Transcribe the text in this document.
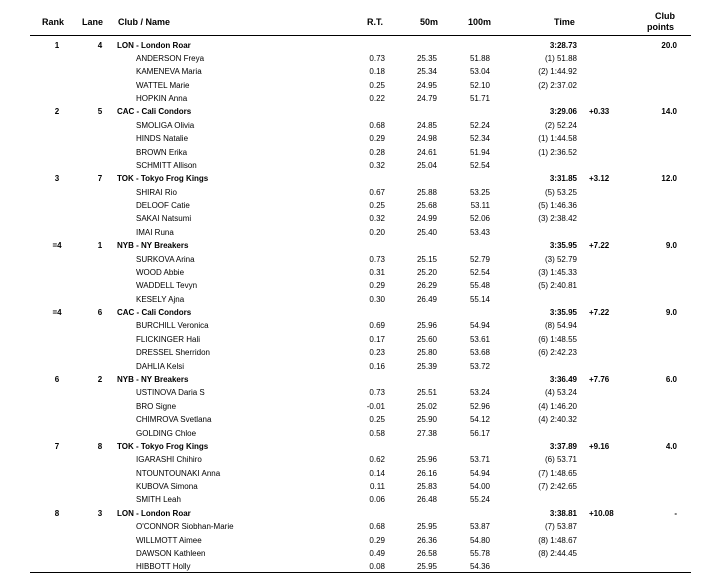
Rank Lane Club / Name	R.T.	50m	100m	Time
Club
points
1	4	LON - London Roar	3:28.73	20.0
ANDERSON Freya	0.73	25.35	51.88	(1) 51.88
KAMENEVA Maria	0.18	25.34	53.04	(2) 1:44.92
WATTEL Marie	0.25	24.95	52.10	(2) 2:37.02
HOPKIN Anna	0.22	24.79	51.71
2	5	CAC - Cali Condors	3:29.06 +0.33	14.0
SMOLIGA Olivia	0.68	24.85	52.24	(2) 52.24
HINDS Natalie	0.29	24.98	52.34	(1) 1:44.58
BROWN Erika	0.28	24.61	51.94	(1) 2:36.52
SCHMITT Allison	0.32	25.04	52.54
3	7	TOK - Tokyo Frog Kings	3:31.85 +3.12	12.0
SHIRAI Rio	0.67	25.88	53.25	(5) 53.25
DELOOF Catie	0.25	25.68	53.11	(5) 1:46.36
SAKAI Natsumi	0.32	24.99	52.06	(3) 2:38.42
IMAI Runa	0.20	25.40	53.43
=4	1	NYB - NY Breakers	3:35.95 +7.22	9.0
SURKOVA Arina	0.73	25.15	52.79	(3) 52.79
WOOD Abbie	0.31	25.20	52.54	(3) 1:45.33
WADDELL Tevyn	0.29	26.29	55.48	(5) 2:40.81
KESELY Ajna	0.30	26.49	55.14
=4	6	CAC - Cali Condors	3:35.95 +7.22	9.0
BURCHILL Veronica	0.69	25.96	54.94	(8) 54.94
FLICKINGER Hali	0.17	25.60	53.61	(6) 1:48.55
DRESSEL Sherridon	0.23	25.80	53.68	(6) 2:42.23
DAHLIA Kelsi	0.16	25.39	53.72
6	2	NYB - NY Breakers	3:36.49 +7.76	6.0
USTINOVA Daria S	0.73	25.51	53.24	(4) 53.24
BRO Signe	-0.01	25.02	52.96	(4) 1:46.20
CHIMROVA Svetlana	0.25	25.90	54.12	(4) 2:40.32
GOLDING Chloe	0.58	27.38	56.17
7	8	TOK - Tokyo Frog Kings	3:37.89 +9.16	4.0
IGARASHI Chihiro	0.62	25.96	53.71	(6) 53.71
NTOUNTOUNAKI Anna	0.14	26.16	54.94	(7) 1:48.65
KUBOVA Simona	0.11	25.83	54.00	(7) 2:42.65
SMITH Leah	0.06	26.48	55.24
8	3	LON - London Roar	3:38.81 +10.08	-
O'CONNOR Siobhan-Marie	0.68	25.95	53.87	(7) 53.87
WILLMOTT Aimee	0.29	26.36	54.80	(8) 1:48.67
DAWSON Kathleen	0.49	26.58	55.78	(8) 2:44.45
HIBBOTT Holly	0.08	25.95	54.36
